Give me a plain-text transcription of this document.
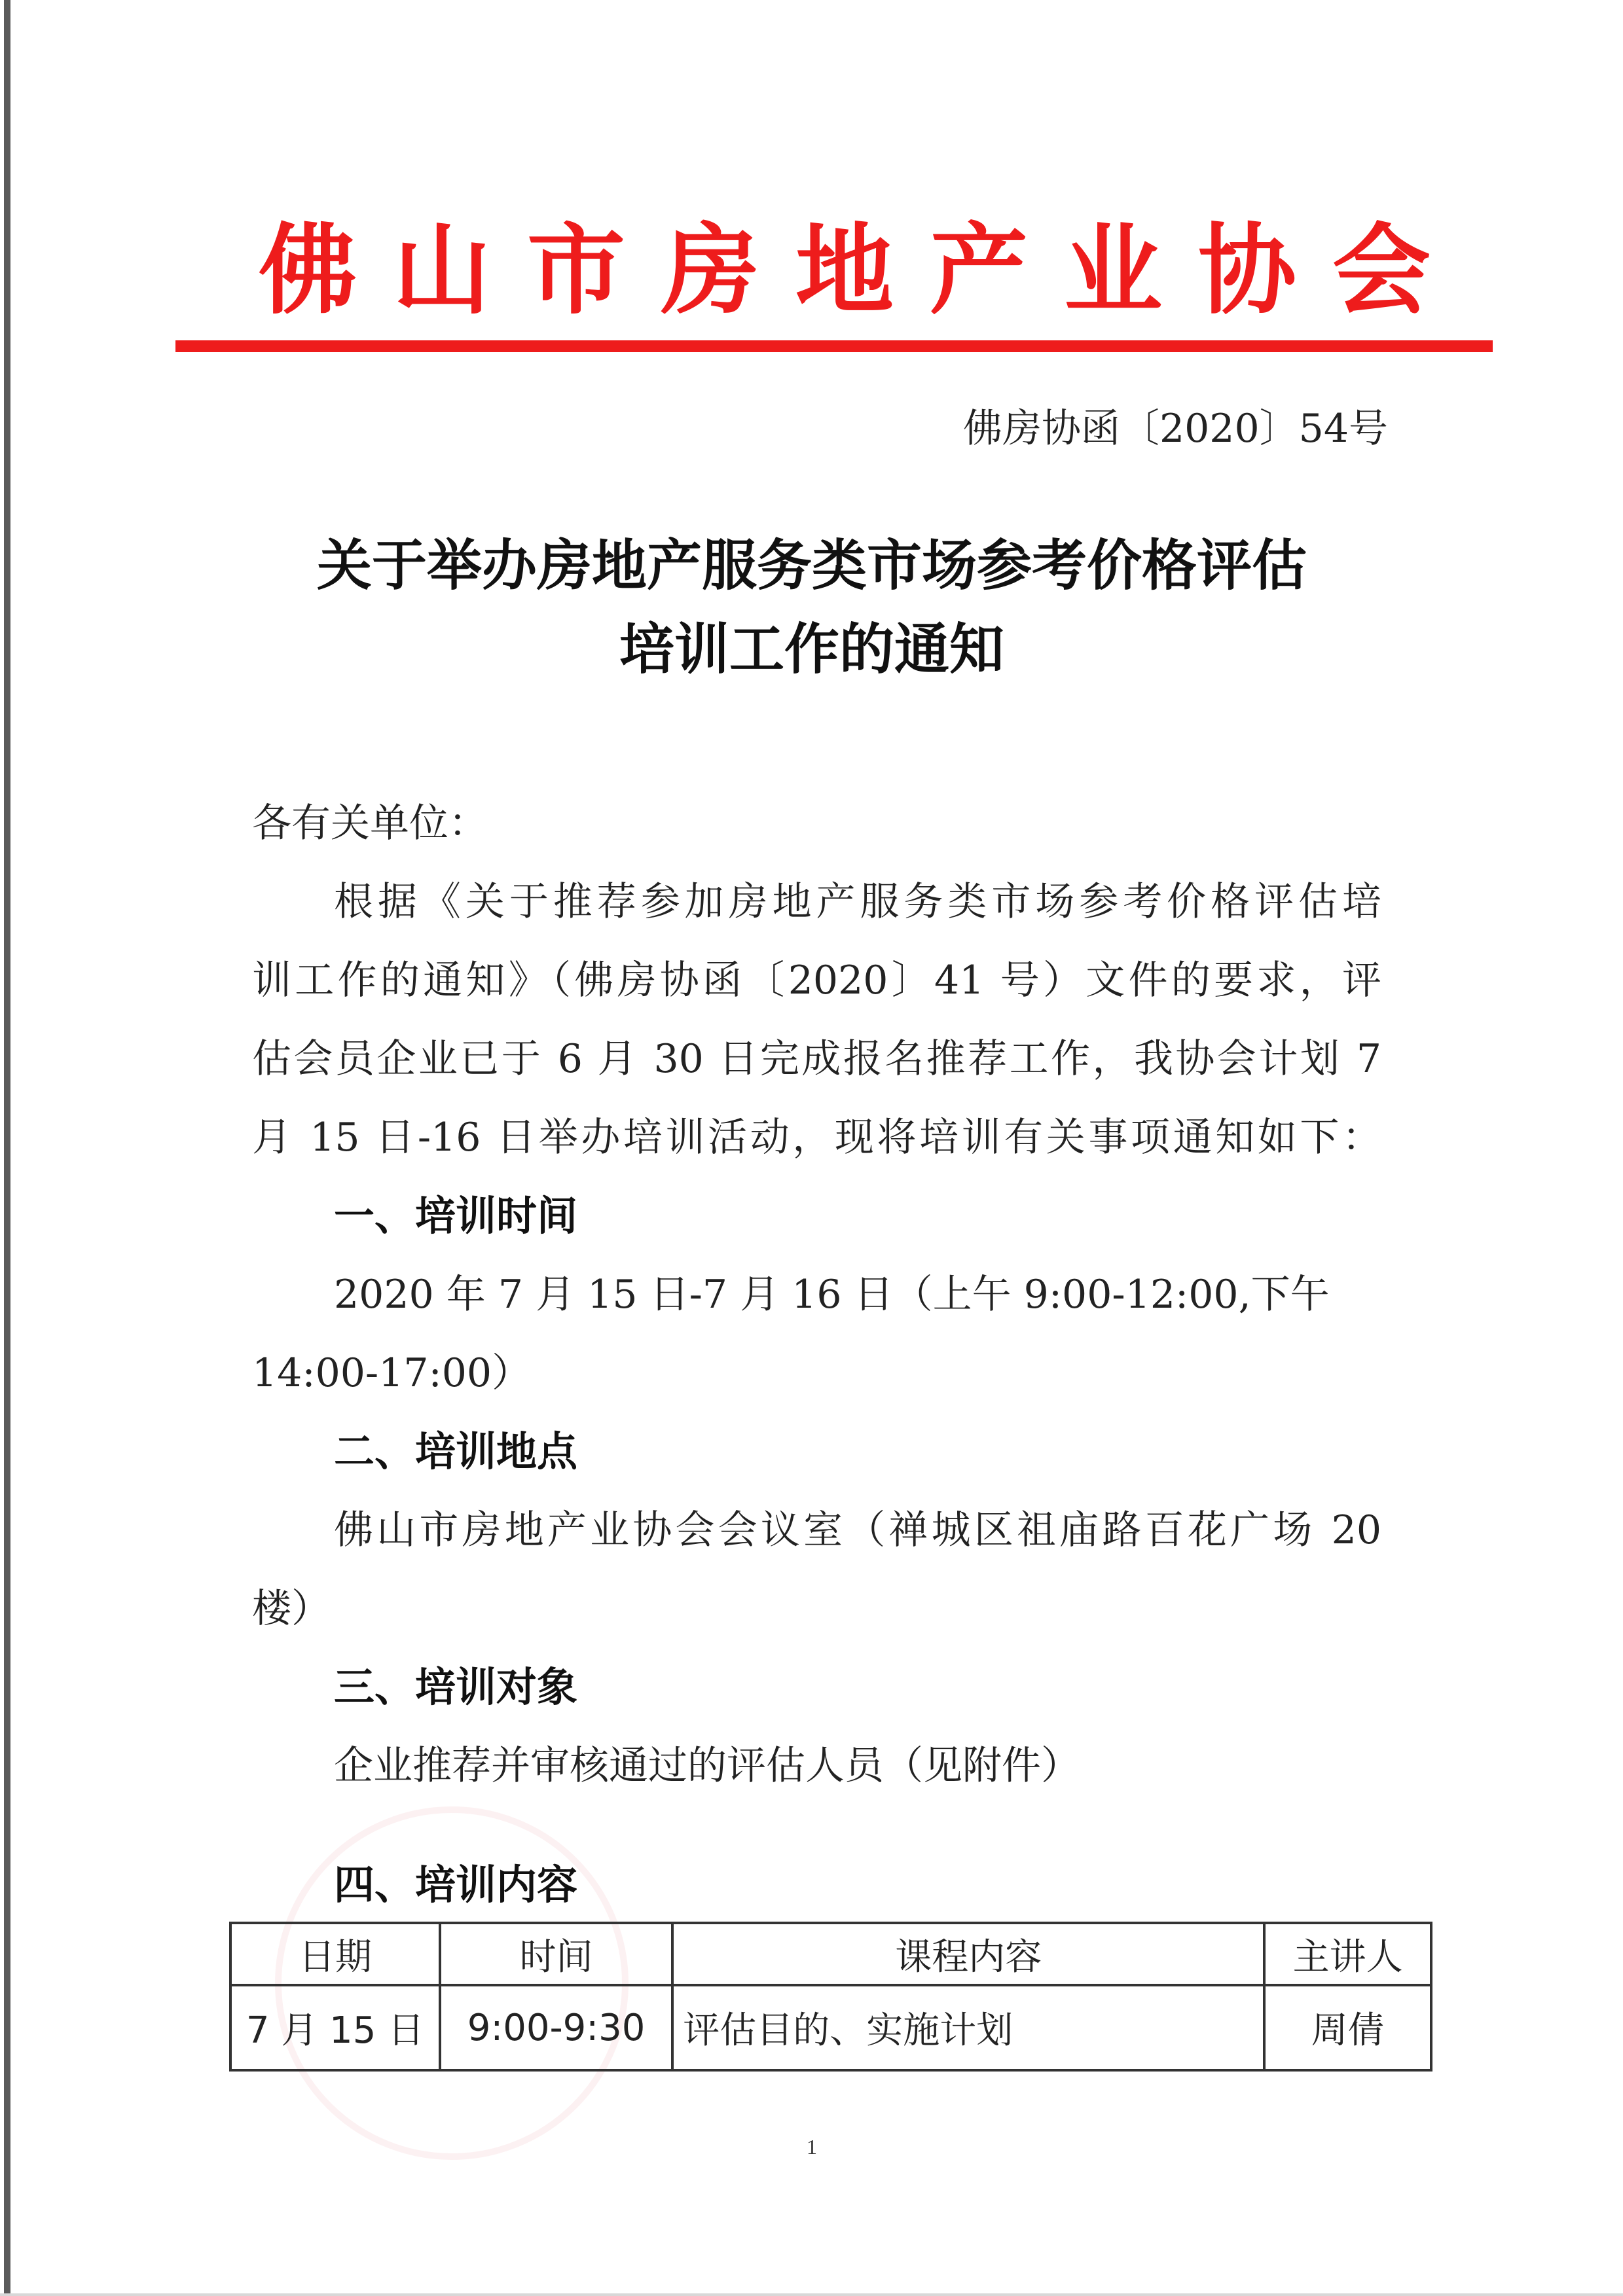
佛山市房地产业协会
佛房协函〔2020〕54号
关于举办房地产服务类市场参考价格评估
培训工作的通知
各有关单位：
根据《关于推荐参加房地产服务类市场参考价格评估培
训工作的通知》（佛房协函〔2020〕41 号）文件的要求，评
估会员企业已于 6 月 30 日完成报名推荐工作，我协会计划 7
月 15 日-16 日举办培训活动，现将培训有关事项通知如下：
一、培训时间
2020 年 7 月 15 日-7 月 16 日（上午 9:00-12:00,下午
14:00-17:00）
二、培训地点
佛山市房地产业协会会议室（禅城区祖庙路百花广场 20
楼）
三、培训对象
企业推荐并审核通过的评估人员（见附件）
四、培训内容
日期	时间	课程内容	主讲人
7 月 15 日	9:00-9:30	评估目的、实施计划	周倩
1
